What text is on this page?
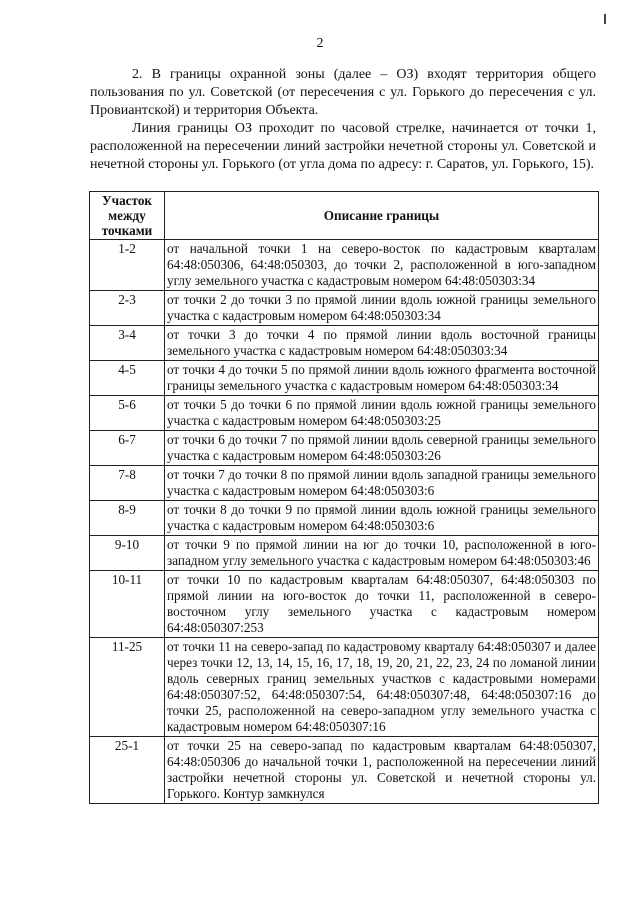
2

2. В границы охранной зоны (далее – ОЗ) входят территория общего пользования по ул. Советской (от пересечения с ул. Горького до пересечения с ул. Провиантской) и территория Объекта.

Линия границы ОЗ проходит по часовой стрелке, начинается от точки 1, расположенной на пересечении линий застройки нечетной стороны ул. Советской и нечетной стороны ул. Горького (от угла дома по адресу: г. Саратов, ул. Горького, 15).

Участок между точками	Описание границы
1-2	от начальной точки 1 на северо-восток по кадастровым кварталам 64:48:050306, 64:48:050303, до точки 2, расположенной в юго-западном углу земельного участка с кадастровым номером 64:48:050303:34
2-3	от точки 2 до точки 3 по прямой линии вдоль южной границы земельного участка с кадастровым номером 64:48:050303:34
3-4	от точки 3 до точки 4 по прямой линии вдоль восточной границы земельного участка с кадастровым номером 64:48:050303:34
4-5	от точки 4 до точки 5 по прямой линии вдоль южного фрагмента восточной границы земельного участка с кадастровым номером 64:48:050303:34
5-6	от точки 5 до точки 6 по прямой линии вдоль южной границы земельного участка с кадастровым номером 64:48:050303:25
6-7	от точки 6 до точки 7 по прямой линии вдоль северной границы земельного участка с кадастровым номером 64:48:050303:26
7-8	от точки 7 до точки 8 по прямой линии вдоль западной границы земельного участка с кадастровым номером 64:48:050303:6
8-9	от точки 8 до точки 9 по прямой линии вдоль южной границы земельного участка с кадастровым номером 64:48:050303:6
9-10	от точки 9 по прямой линии на юг до точки 10, расположенной в юго-западном углу земельного участка с кадастровым номером 64:48:050303:46
10-11	от точки 10 по кадастровым кварталам 64:48:050307, 64:48:050303 по прямой линии на юго-восток до точки 11, расположенной в северо-восточном углу земельного участка с кадастровым номером 64:48:050307:253
11-25	от точки 11 на северо-запад по кадастровому кварталу 64:48:050307 и далее через точки 12, 13, 14, 15, 16, 17, 18, 19, 20, 21, 22, 23, 24 по ломаной линии вдоль северных границ земельных участков с кадастровыми номерами 64:48:050307:52, 64:48:050307:54, 64:48:050307:48, 64:48:050307:16 до точки 25, расположенной на северо-западном углу земельного участка с кадастровым номером 64:48:050307:16
25-1	от точки 25 на северо-запад по кадастровым кварталам 64:48:050307, 64:48:050306 до начальной точки 1, расположенной на пересечении линий застройки нечетной стороны ул. Советской и нечетной стороны ул. Горького. Контур замкнулся
